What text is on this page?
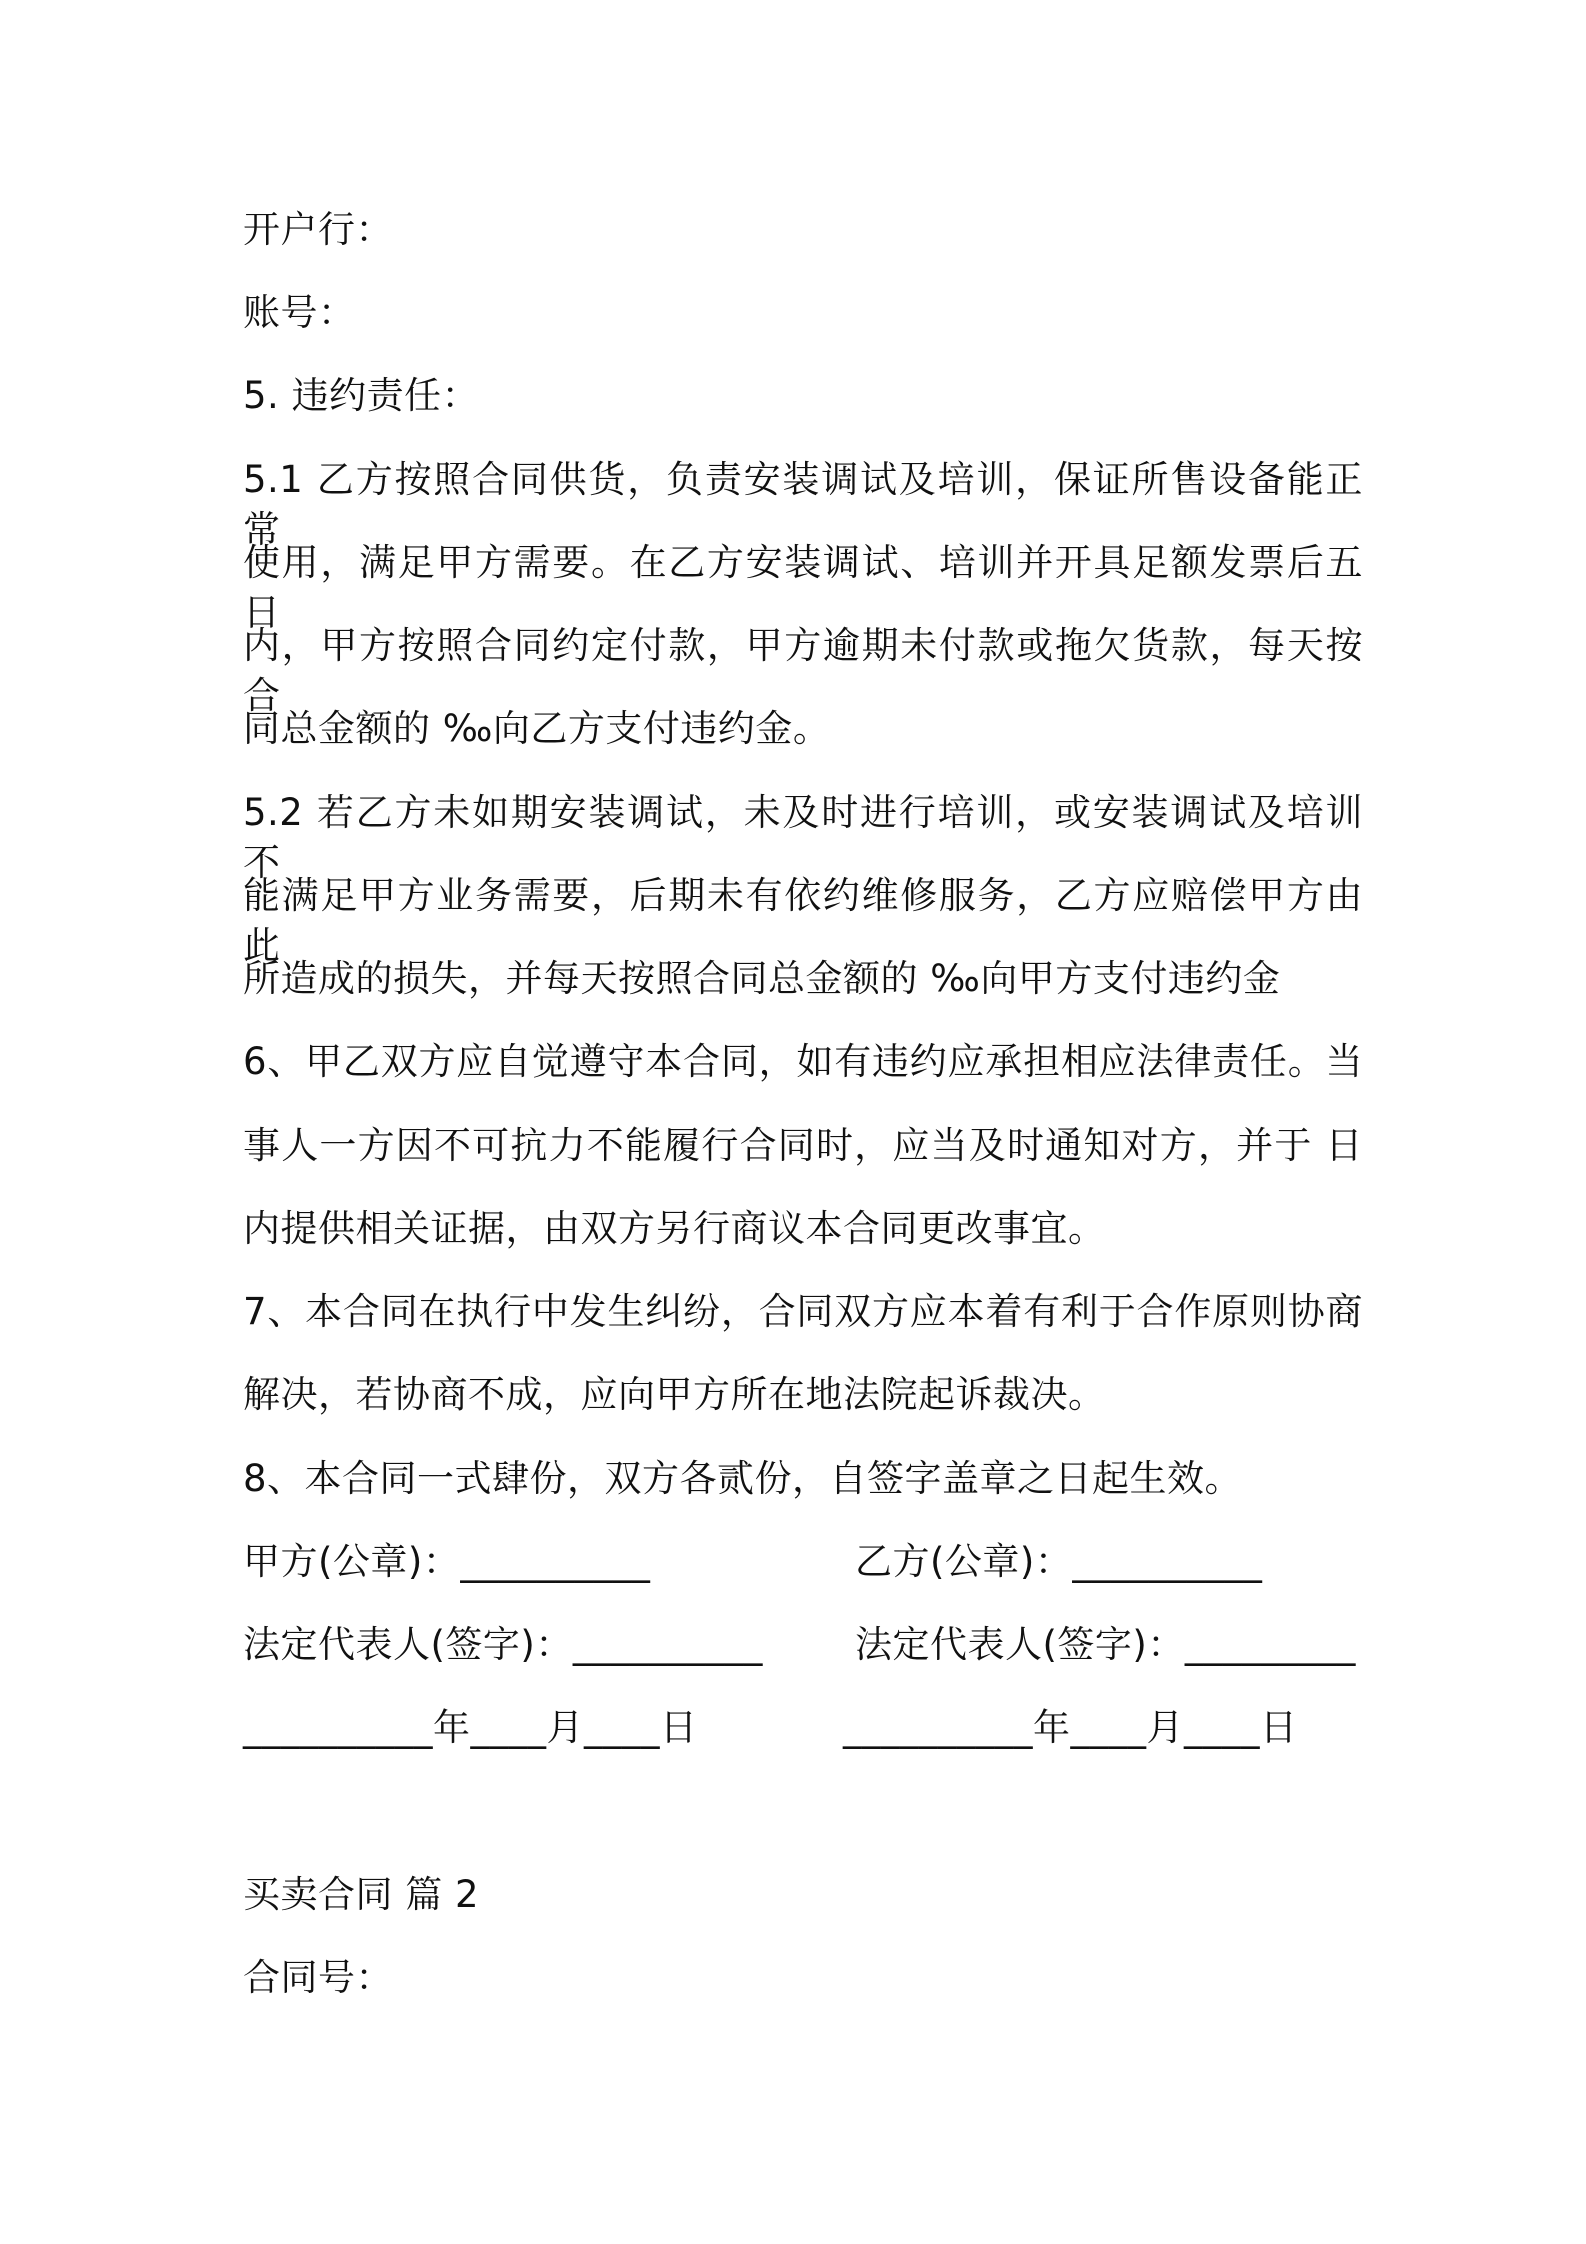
开户行：
账号：
5. 违约责任：
5.1 乙方按照合同供货，负责安装调试及培训，保证所售设备能正常
使用，满足甲方需要。在乙方安装调试、培训并开具足额发票后五日
内，甲方按照合同约定付款，甲方逾期未付款或拖欠货款，每天按合
同总金额的 ‰向乙方支付违约金。
5.2 若乙方未如期安装调试，未及时进行培训，或安装调试及培训不
能满足甲方业务需要，后期未有依约维修服务，乙方应赔偿甲方由此
所造成的损失，并每天按照合同总金额的 ‰向甲方支付违约金
6、甲乙双方应自觉遵守本合同，如有违约应承担相应法律责任。当
事人一方因不可抗力不能履行合同时，应当及时通知对方，并于 日
内提供相关证据，由双方另行商议本合同更改事宜。
7、本合同在执行中发生纠纷，合同双方应本着有利于合作原则协商
解决，若协商不成，应向甲方所在地法院起诉裁决。
8、本合同一式肆份，双方各贰份，自签字盖章之日起生效。
甲方(公章)：__________	乙方(公章)：__________
法定代表人(签字)：__________	法定代表人(签字)：_________
__________年____月____日	__________年____月____日
买卖合同 篇 2
合同号：
